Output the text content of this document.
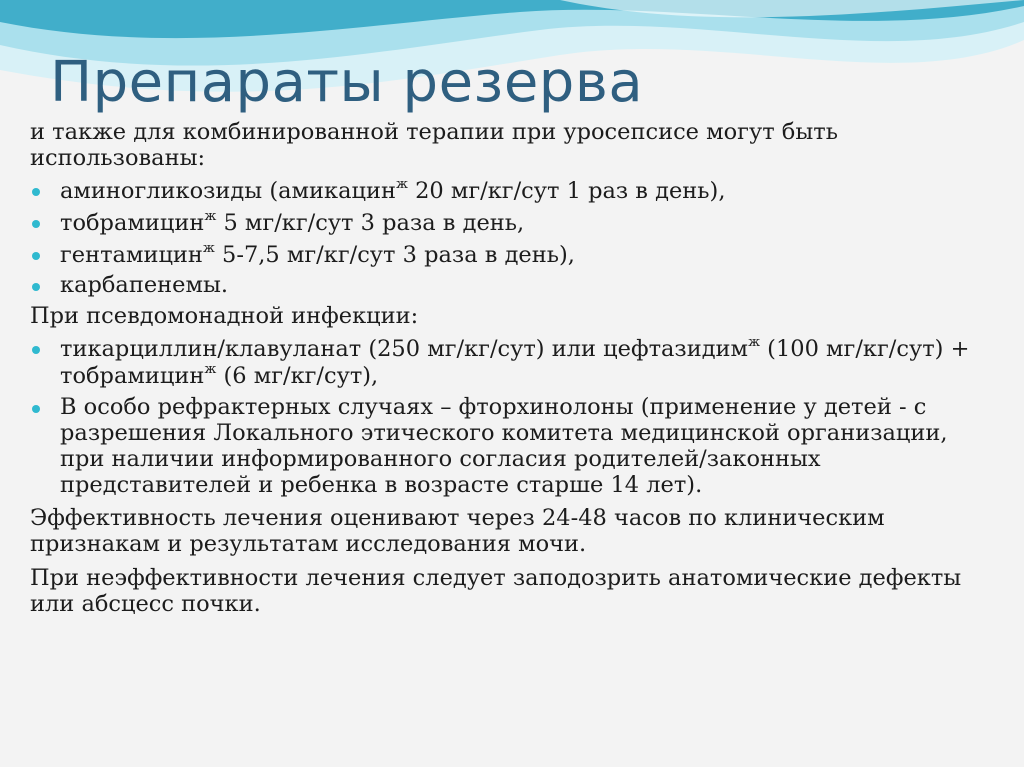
Препараты резерва

и также для комбинированной терапии при уросепсисе могут быть использованы:

аминогликозиды (амикацин$^ж$ 20 мг/кг/сут 1 раз в день),
тобрамицин$^ж$ 5 мг/кг/сут 3 раза в день,
гентамицин$^ж$ 5-7,5 мг/кг/сут 3 раза в день),
карбапенемы.

При псевдомонадной инфекции:

тикарциллин/клавуланат (250 мг/кг/сут) или цефтазидим$^ж$ (100 мг/кг/сут) + тобрамицин$^ж$ (6 мг/кг/сут),
В особо рефрактерных случаях – фторхинолоны (применение у детей - с разрешения Локального этического комитета медицинской организации, при наличии информированного согласия родителей/законных представителей и ребенка в возрасте старше 14 лет).

Эффективность лечения оценивают через 24-48 часов по клиническим признакам и результатам исследования мочи.

При неэффективности лечения следует заподозрить анатомические дефекты или абсцесс почки.
